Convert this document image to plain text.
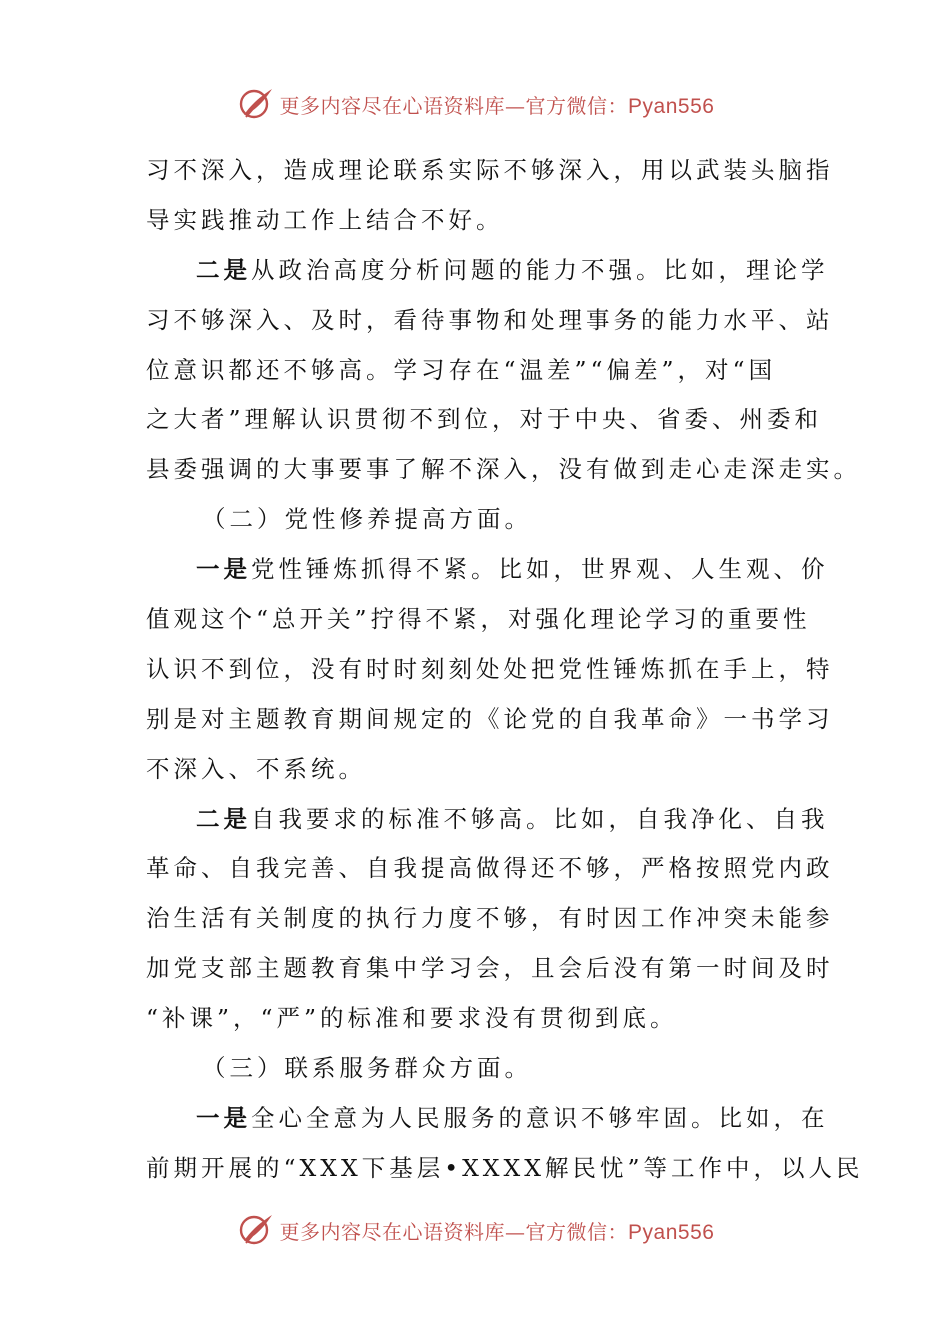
更多内容尽在心语资料库—官方微信：Pyan556
习不深入，造成理论联系实际不够深入，用以武装头脑指
导实践推动工作上结合不好。
二是从政治高度分析问题的能力不强。比如，理论学
习不够深入、及时，看待事物和处理事务的能力水平、站
位意识都还不够高。学习存在“温差”“偏差”，对“国
之大者”理解认识贯彻不到位，对于中央、省委、州委和
县委强调的大事要事了解不深入，没有做到走心走深走实。
（二）党性修养提高方面。
一是党性锤炼抓得不紧。比如，世界观、人生观、价
值观这个“总开关”拧得不紧，对强化理论学习的重要性
认识不到位，没有时时刻刻处处把党性锤炼抓在手上，特
别是对主题教育期间规定的《论党的自我革命》一书学习
不深入、不系统。
二是自我要求的标准不够高。比如，自我净化、自我
革命、自我完善、自我提高做得还不够，严格按照党内政
治生活有关制度的执行力度不够，有时因工作冲突未能参
加党支部主题教育集中学习会，且会后没有第一时间及时
“补课”，“严”的标准和要求没有贯彻到底。
（三）联系服务群众方面。
一是全心全意为人民服务的意识不够牢固。比如，在
前期开展的“XXX下基层•XXXX解民忧”等工作中，以人民
更多内容尽在心语资料库—官方微信：Pyan556
